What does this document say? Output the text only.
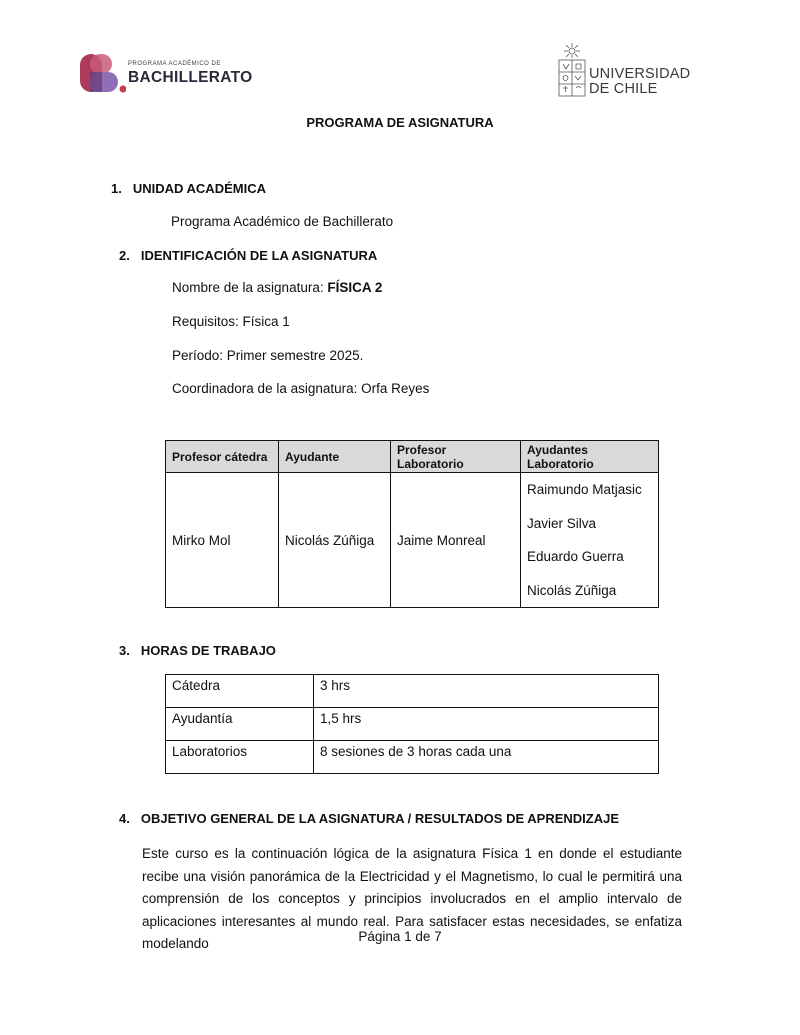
PROGRAMA ACADÉMICO DE
BACHILLERATO	UNIVERSIDAD
DE CHILE
PROGRAMA DE ASIGNATURA
1. UNIDAD ACADÉMICA
Programa Académico de Bachillerato
2. IDENTIFICACIÓN DE LA ASIGNATURA
Nombre de la asignatura: FÍSICA 2
Requisitos: Física 1
Período: Primer semestre 2025.
Coordinadora de la asignatura: Orfa Reyes
Profesor cátedra	Ayudante	Profesor Laboratorio	Ayudantes Laboratorio
Mirko Mol	Nicolás Zúñiga	Jaime Monreal	Raimundo Matjasic
Javier Silva
Eduardo Guerra
Nicolás Zúñiga
3. HORAS DE TRABAJO
Cátedra	3 hrs
Ayudantía	1,5 hrs
Laboratorios	8 sesiones de 3 horas cada una
4. OBJETIVO GENERAL DE LA ASIGNATURA / RESULTADOS DE APRENDIZAJE
Este curso es la continuación lógica de la asignatura Física 1 en donde el estudiante recibe una visión panorámica de la Electricidad y el Magnetismo, lo cual le permitirá una comprensión de los conceptos y principios involucrados en el amplio intervalo de aplicaciones interesantes al mundo real. Para satisfacer estas necesidades, se enfatiza modelando	Página 1 de 7
